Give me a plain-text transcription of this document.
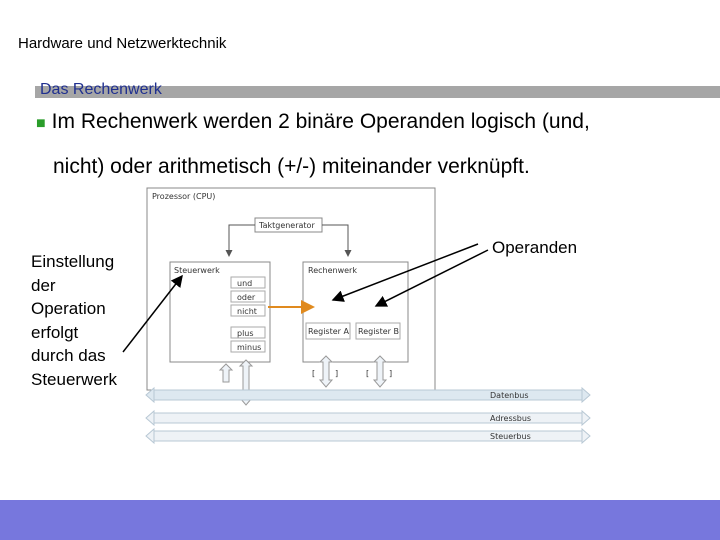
Hardware und Netzwerktechnik
Das Rechenwerk
■ Im Rechenwerk werden 2 binäre Operanden logisch (und,
nicht) oder arithmetisch (+/-) miteinander verknüpft.
Prozessor (CPU)
Taktgenerator
Steuerwerk
und
oder
nicht
plus
minus
Rechenwerk
Register A Register B
[ ]	[ ]
Datenbus
Adressbus
Steuerbus
Einstellung
der
Operation
erfolgt
durch das
Steuerwerk
Operanden
